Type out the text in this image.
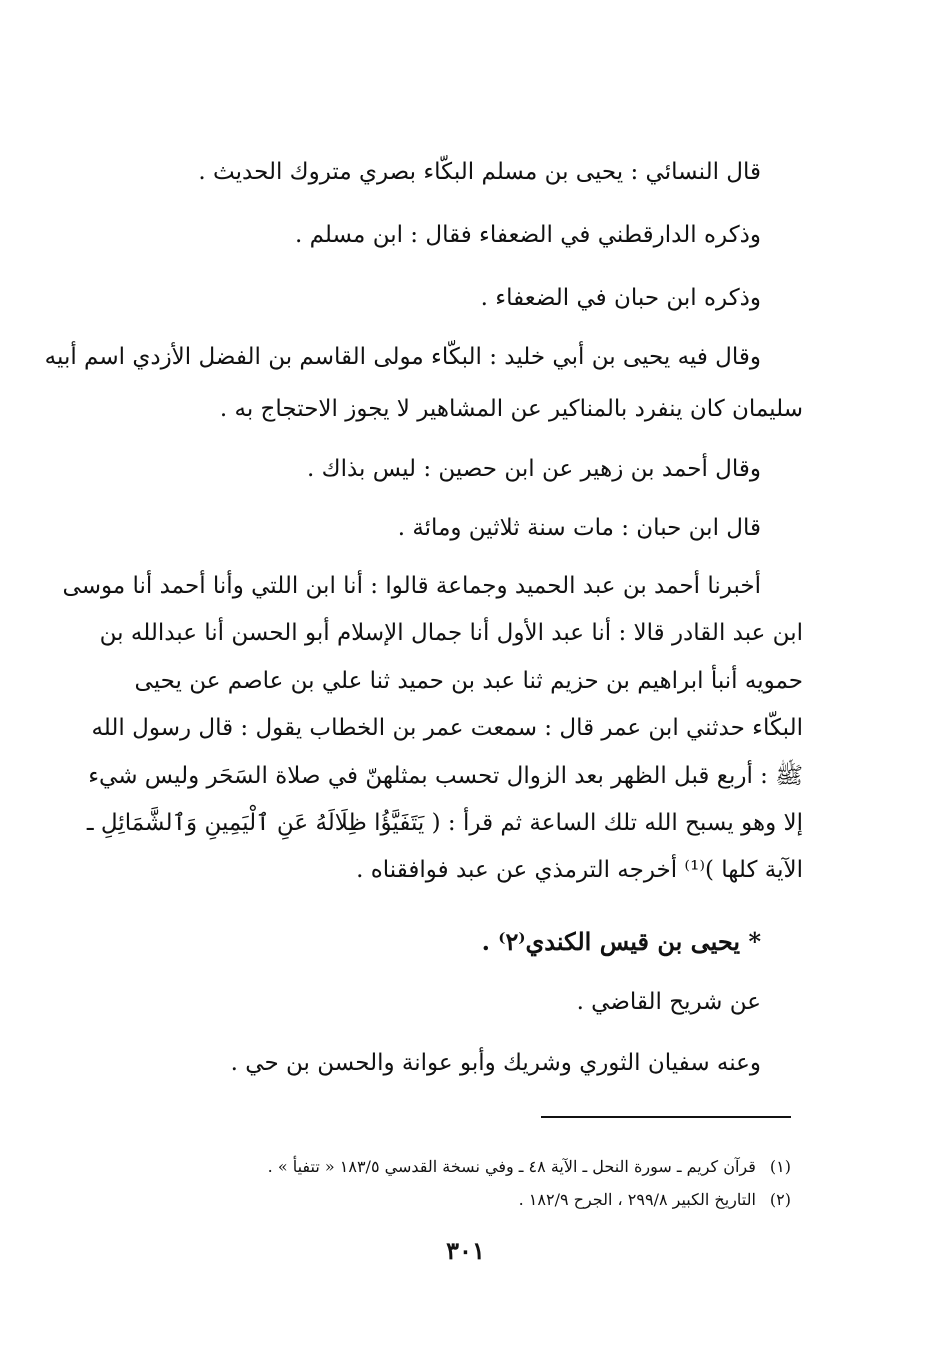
قال النسائي : يحيى بن مسلم البكّاء بصري متروك الحديث .
وذكره الدارقطني في الضعفاء فقال : ابن مسلم .
وذكره ابن حبان في الضعفاء .
وقال فيه يحيى بن أبي خليد : البكّاء مولى القاسم بن الفضل الأزدي اسم أبيه
سليمان كان ينفرد بالمناكير عن المشاهير لا يجوز الاحتجاج به .
وقال أحمد بن زهير عن ابن حصين : ليس بذاك .
قال ابن حبان : مات سنة ثلاثين ومائة .
أخبرنا أحمد بن عبد الحميد وجماعة قالوا : أنا ابن اللتي وأنا أحمد أنا موسى
ابن عبد القادر قالا : أنا عبد الأول أنا جمال الإسلام أبو الحسن أنا عبدالله بن
حمويه أنبأ ابراهيم بن حزيم ثنا عبد بن حميد ثنا علي بن عاصم عن يحيى
البكّاء حدثني ابن عمر قال : سمعت عمر بن الخطاب يقول : قال رسول الله
ﷺ : أربع قبل الظهر بعد الزوال تحسب بمثلهنّ في صلاة السَحَر وليس شيء
إلا وهو يسبح الله تلك الساعة ثم قرأ : ( يَتَفَيَّؤُا ظِلَالَهُ عَنِ ٱلْيَمِينِ وَٱلشَّمَائِلِ ـ
الآية كلها )⁽¹⁾ أخرجه الترمذي عن عبد فوافقناه .
* يحيى بن قيس الكندي⁽٢⁾ .
عن شريح القاضي .
وعنه سفيان الثوري وشريك وأبو عوانة والحسن بن حي .
(١)قرآن كريم ـ سورة النحل ـ الآية ٤٨ ـ وفي نسخة القدسي ١٨٣/٥ « تتفيأ » .
(٢)التاريخ الكبير ٢٩٩/٨ ، الجرح ١٨٢/٩ .
٣٠١
